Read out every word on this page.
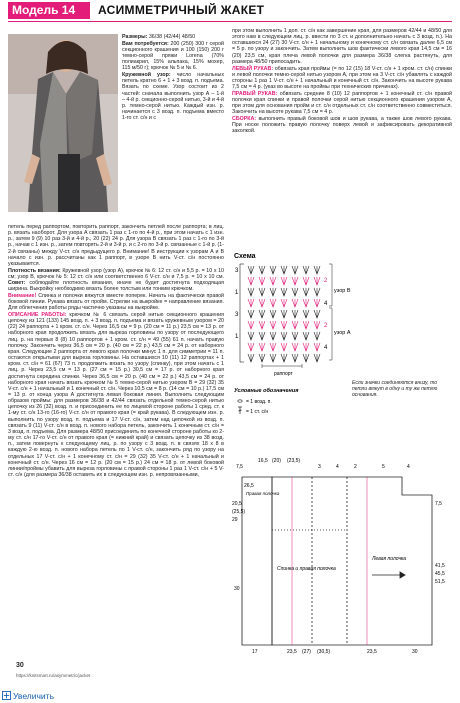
Модель 14 АСИММЕТРИЧНЫЙ ЖАКЕТ

Размеры: 36/38 (42/44) 48/50

Вам потребуется: 200 (250) 300 г серой секционного крашения и 100 (150) 200 г темно-серой пряжи Lorena (70% полиакрил, 15% альпака, 15% мохер, 115 м/50 г); крючок № 5 и № 6.

Кружевной узор: число начальных петель кратно 6 + 1 + 3 возд. п. подъема. Вязать по схеме. Узор состоит из 2 частей: сначала выполнить узор А – 1-й – 4-й р. секционно-серой нитью, 3-й и 4-й р. темно-серой нитью. Каждый изн. р. начинается с 3 возд. п. подъема вместо 1-го ст. с/н и с

петель перед раппортом, повторить раппорт, закончить петлей после раппорта; в лиц. р. вязать наоборот. Для узора А связать 1 раз с 1-го по 4-й р., при этом начать с 1 изн. р., затем 9 (9) 10 раз 3-й и 4-й р., 20 (22) 24 р. Для узора В связать 1 раз с 1-го по 3-й р., начав с 1 изн. р., затем повторять 2-й и 3-й р. и с 2-го по 3-й р. связанные с 1-й р. (1-2-й связаны) между V-ст. с/н предыдущего р. Внимание! В инструкции к узорам А и В начало с изн. р. рассчитаны как 1 раппорт, в узоре В нить V-ст. с/н постоянно указывается.

Плотность вязания: Кружевной узор (узор А), крючок № 6: 12 ст. с/н и 5,5 р. = 10 х 10 см; узор В, крючок № 5: 12 ст. с/н или соответственно 6 V-ст. с/н и 7,5 р. = 10 х 10 см. Совет: соблюдайте плотность вязания, иначе не будет достигнута подходящая ширина. Выкройку необходимо вязать более толстым или тонким крючком.

Внимание! Спинка и полочки вяжутся вместе поперек. Начать на фактически правой боковой линии. Рукава вязать от пройм. Стрелки на выкройке = направление вязания. Для облегчения работы ряды частично указаны на выкройке.

ОПИСАНИЕ РАБОТЫ: крючком № 6 связать серой нитью секционного крашения цепочку из 121 (133) 145 возд. п. + 3 возд. п. подъема и вязать кружевным узором = 20 (22) 24 раппорта + 1 кром. ст. с/н. Через 16,5 см = 9 р. (20 см = 11 р.) 23,5 см = 13 р. от наборного края продолжить вязать для выреза горловины по узору от последующего лиц. р. на первых 8 (8) 10 раппортов + 1 кром. ст. с/н = 49 (55) 61 п. начать правую полочку. Закончить через 36,5 см = 20 р. (40 см = 22 р.) 43,5 см = 24 р. от наборного края. Следующие 2 раппорта от левого края полочки минус 1 п. для симметрии = 11 п. остаются открытыми для выреза горловины. На оставшихся 10 (11) 12 раппортах + 1 кром. ст. с/н = 61 (67) 73 п. продолжить вязать по узору (спинку), при этом начать с 1 лиц. р. Через 23,5 см = 13 р. (27 см = 15 р.) 30,5 см = 17 р. от наборного края достигнута середина спинки. Через 36,5 см = 20 р. (40 см = 22 р.) 43,5 см = 24 р. от наборного края начать вязать крючком № 5 темно-серой нитью узором В = 29 (32) 35 V-ст. с/н + 1 начальный и 1 конечный ст. с/н. Через 10,5 см = 8 р. (14 см = 10 р.) 17,5 см = 13 р. от конца узора А достигнута левая боковая линия. Выполнить следующим образом проймы: для размеров 36/38 и 42/44 связать отдельной темно-серой нитью цепочку из 26 (32) возд. п. и присоединить ее по лицевой стороне работы 1 сред. ст. к 1-му ст. с/н 13-го (16-го) V-ст. с/н от правого края (= край рукава). В следующем изн. р. выполнить по узору возд. п. подъема и 17 V-ст. с/н, затем над цепочкой из возд. п. связать 9 (11) V-ст. с/н в возд. п. нового набора петель, закончить 1 конечным ст. с/н = 3 возд. п. подъема. Для размера 48/50 присоединить по конечной стороне работы ко 2-му ст. с/н 17-го V-ст. с/н от правого края (= нижний край) и связать цепочку из 38 возд. п., затем повернуть к следующему лиц. р. по узору с 3 возд. п. в связях 18 х 8 в каждую 2-ю возд. п. нового набора петель по 1 V-ст. с/н, закончить ряд по узору на отдельных 17 V-ст. с/н + 1 конечному ст. с/н = 29 (32) 35 V-ст. с/н + 1 начальный и конечный ст. с/н. Через 16 см = 12 р. (20 см = 15 р.) 24 см = 18 р. от левой боковой линии/проймы убавить для выреза горловины с правой стороны 1 раз 1 V-ст. с/н + 5 V-ст. с/н (для размера 36/38 оставить их в следующем изн. р. непровязанными,

при этом выполнить 1 доп. ст. с/н как завершение края, для размеров 42/44 и 48/50 для этого нам в следующем лиц. р. ввести по 3 ст. и дополнительно начать с 3 возд. п.). На оставшихся 24 (27) 30 V-ст. с/н + 1 начальному и конечному ст. с/н связать далее 6,5 см = 5 р. по узору и закончить. Затем выполнить шов фактически левого края 14,5 см = 16 (20) 23,5 см, края плеча левой полочки для размера 36/38 слегка растянуть, для размера 48/50 припосадить.

ЛЕВЫЙ РУКАВ: обвязать края проймы (= по 12 (15) 18 V-ст. с/н + 1 кром. ст. с/н) спинки и левой полочки темно-серой нитью узором А, при этом на 3 V-ст. с/н убавлять с каждой стороны 1 раз 1 V-ст. с/н + 1 начальный и конечный ст. с/н. Закончить на высоте рукава 7,5 см = 4 р. (указ во высоте на проймы при технических причинах).

ПРАВЫЙ РУКАВ: обвязать средние 8 (10) 12 раппортов + 1 конечный ст. с/н правой полочки края спинки и правой полочки серой нитью секционного крашения узором А, при этом для основания пройм и ст. с/н отдельных ст. с/н соответственно совместиться. Закончить на высоте рукава 7,5 см = 4 р.

СБОРКА: выполнить правый боковой шов и шов рукава, а также шов левого рукава. При носке положить правую полочку поверх левой и зафиксировать декоративной заколкой.

Схема
3
1
3
1
2
4
2
4
узор В
узор А
раппорт
Условные обозначения
= 1 возд. п.
= 1 ст. с/н
Если значки соединяются внизу, то петли вяжут в одну и ту же петлю основания.
16,5 (20) (23,5)
7,5	3	4	2	5	4
Спинка и правая полочка
Левая полочка
Правая полочка
26,5
20,5
(25,5)
29
30
41,5
45,5
51,5
7,5
17	23,5 (27) (30,5)	23,5	30
30
https://knitsmart.ru/asymmetric/jacket
Увеличить
